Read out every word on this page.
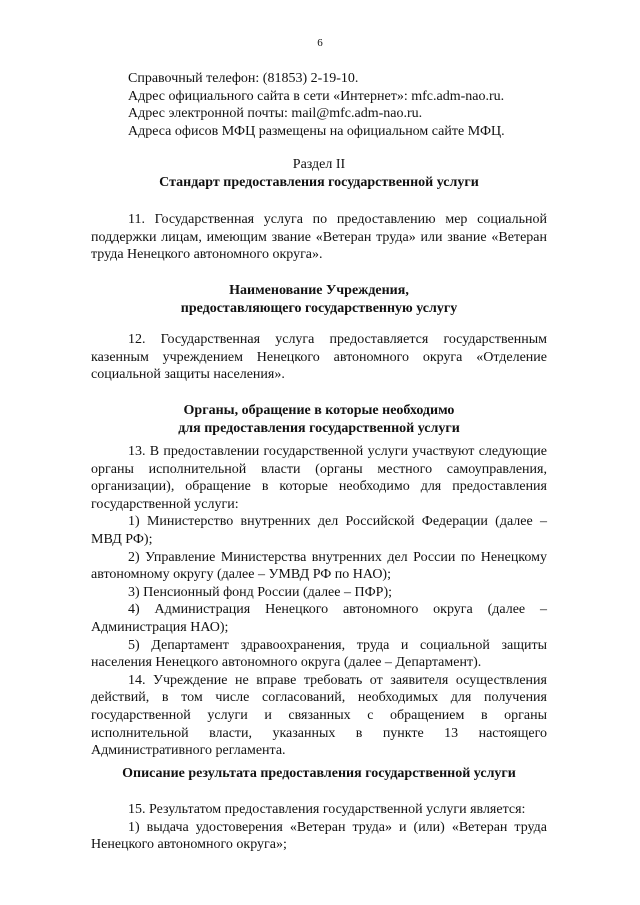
6

Справочный телефон: (81853) 2-19-10.

Адрес официального сайта в сети «Интернет»: mfc.adm-nao.ru.

Адрес электронной почты: mail@mfc.adm-nao.ru.

Адреса офисов МФЦ размещены на официальном сайте МФЦ.

Раздел II

Стандарт предоставления государственной услуги

11. Государственная услуга по предоставлению мер социальной поддержки лицам, имеющим звание «Ветеран труда» или звание «Ветеран труда Ненецкого автономного округа».

Наименование Учреждения,

предоставляющего государственную услугу

12. Государственная услуга предоставляется государственным казенным учреждением Ненецкого автономного округа «Отделение социальной защиты населения».

Органы, обращение в которые необходимо

для предоставления государственной услуги

13. В предоставлении государственной услуги участвуют следующие органы исполнительной власти (органы местного самоуправления, организации), обращение в которые необходимо для предоставления государственной услуги:

1) Министерство внутренних дел Российской Федерации (далее – МВД РФ);

2) Управление Министерства внутренних дел России по Ненецкому автономному округу (далее – УМВД РФ по НАО);

3) Пенсионный фонд России (далее – ПФР);

4) Администрация Ненецкого автономного округа (далее – Администрация НАО);

5) Департамент здравоохранения, труда и социальной защиты населения Ненецкого автономного округа (далее – Департамент).

14. Учреждение не вправе требовать от заявителя осуществления действий, в том числе согласований, необходимых для получения государственной услуги и связанных с обращением в органы исполнительной власти, указанных в пункте 13 настоящего Административного регламента.

Описание результата предоставления государственной услуги

15. Результатом предоставления государственной услуги является:

1) выдача удостоверения «Ветеран труда» и (или) «Ветеран труда Ненецкого автономного округа»;
